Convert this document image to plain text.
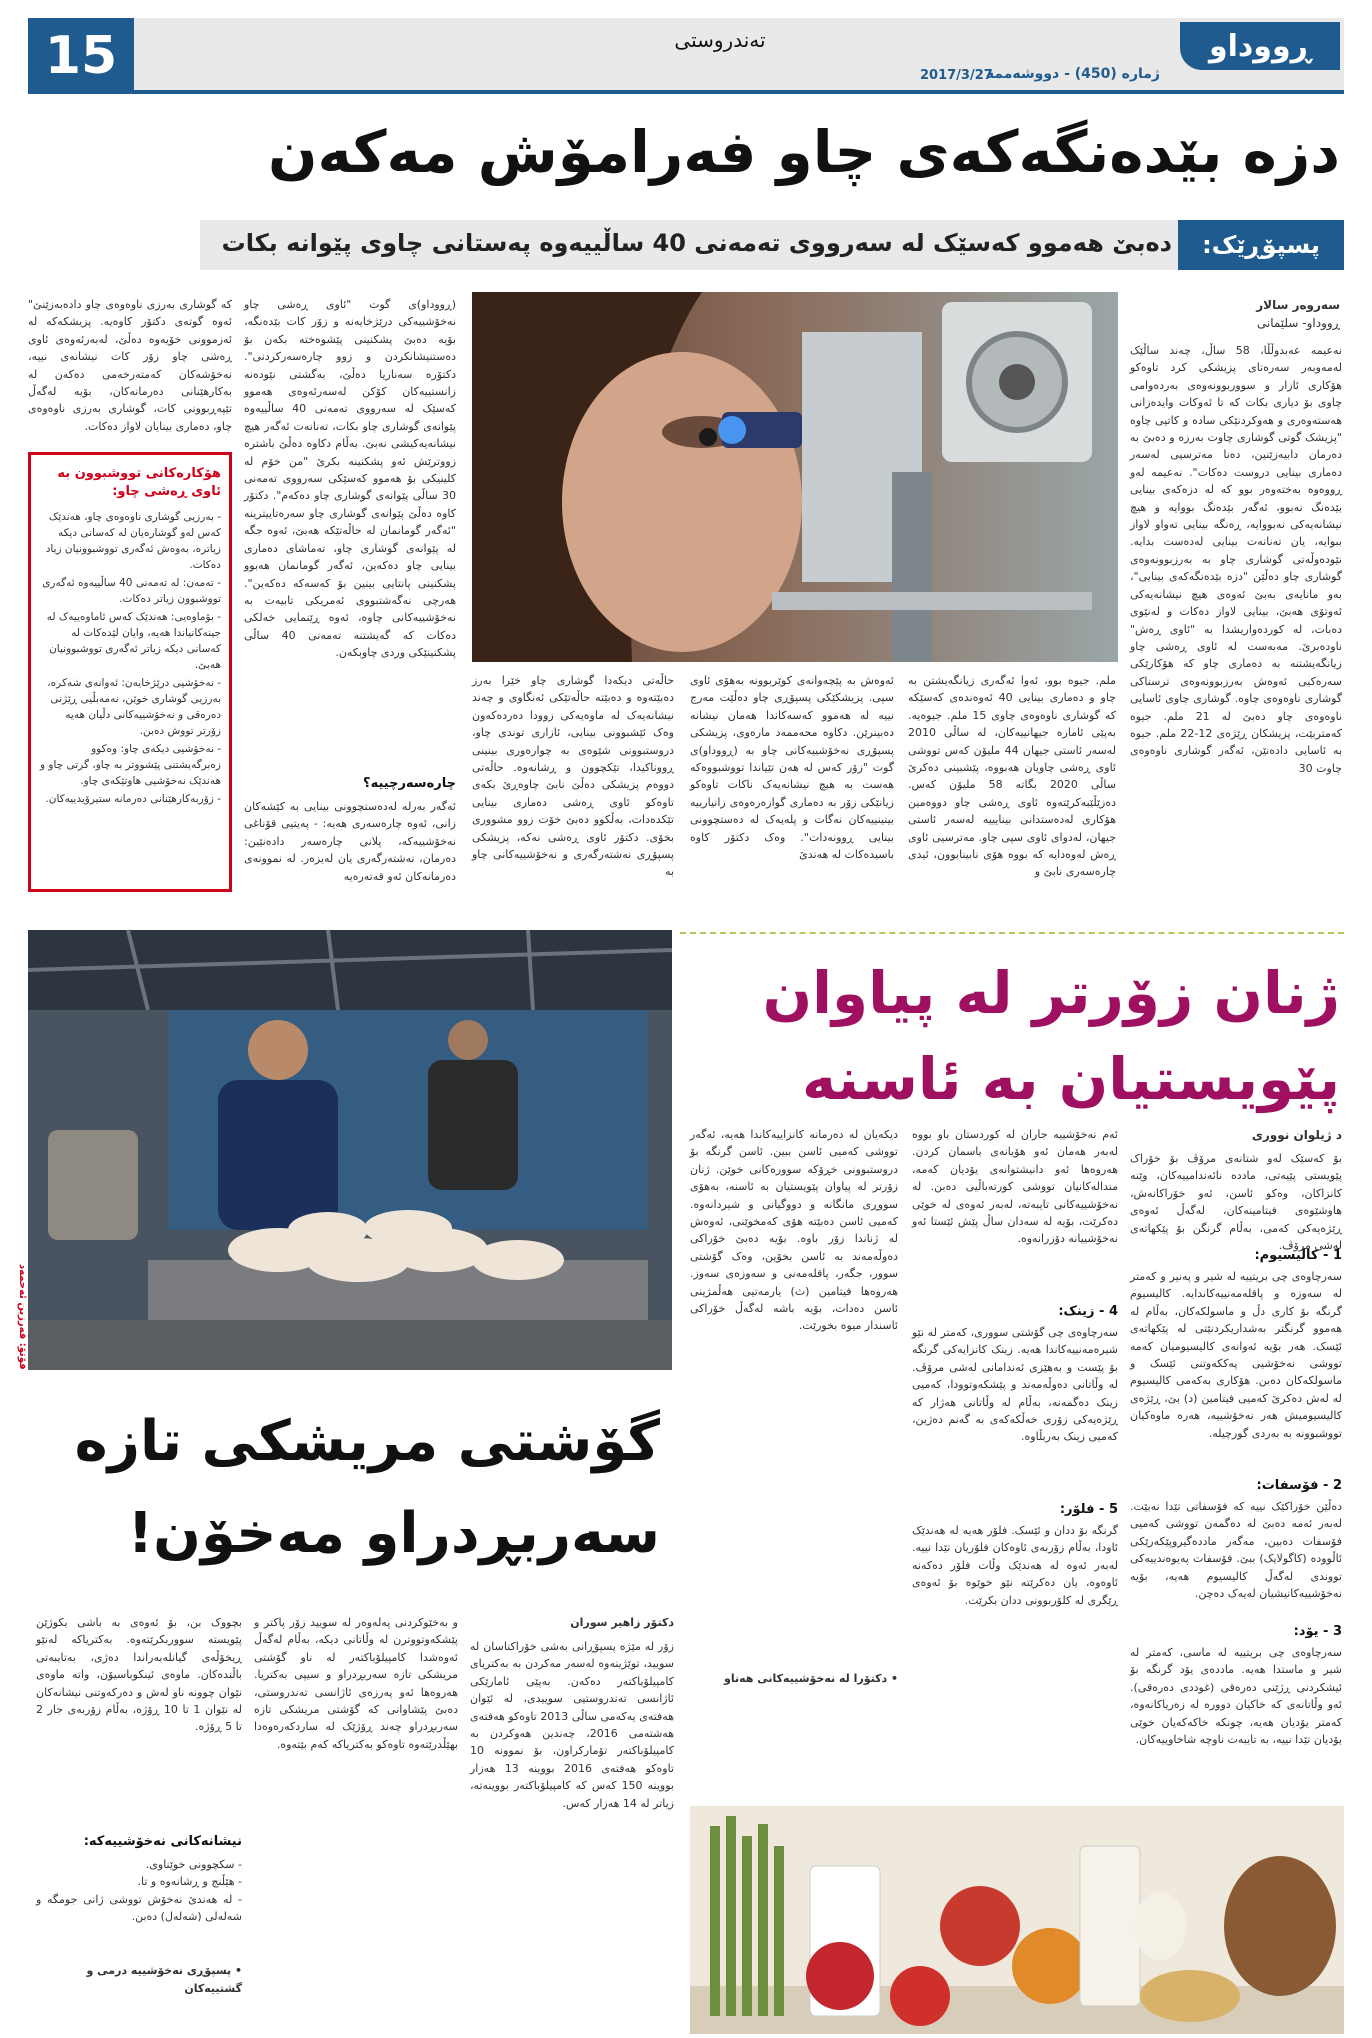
15	تەندروستی	ڕووداو
ژمارە (450) - دووشەممە
2017/3/27
دزە بێدەنگەکەی چاو فەرامۆش مەکەن
پسپۆڕێک:
دەبێ هەموو کەسێک لە سەرووی تەمەنی 40 ساڵییەوە پەستانی چاوی پێوانە بکات
سەروەر سالار
ڕووداو- سلێمانی
نەعیمە عەبدوڵڵا، 58 ساڵ، چەند ساڵێک لەمەوبەر سەرەتای پزیشکی کرد تاوەکو هۆکاری ئازار و سووربوونەوەی بەردەوامی چاوی بۆ دیاری بکات کە تا ئەوکات وایدەزانی هەستەوەری و هەوکردنێکی سادە و کاتیی چاوە "پزیشک گوتی گوشاری چاوت بەرزە و دەبێ بە دەرمان دابیەزێنین، دەنا مەترسیی لەسەر دەماری بینایی دروست دەکات". نەعیمە لەو ڕووەوە بەختەوەر بوو کە لە دزەکەی بینایی بێدەنگ نەبوو، ئەگەر بێدەنگ بووایە و هیچ نیشانەیەکی نەبووایە، ڕەنگە بینایی تەواو لاواز ببوایە، یان تەنانەت بینایی لەدەست بدایە. نێودەوڵەتی گوشاری چاو بە بەرزبوونەوەی گوشاری چاو دەڵێن "دزە بێدەنگەکەی بینایی"، بەو مانایەی بەبێ ئەوەی هیچ نیشانەیەکی ئەوتۆی هەبێ، بینایی لاواز دەکات و لەنێوی دەبات، لە کوردەواریشدا بە "ئاوی ڕەش" ناودەبرێ. مەبەست لە ئاوی ڕەشی چاو زیانگەیشتنە بە دەماری چاو کە هۆکارێکی سەرەکیی ئەوەش بەرزبوونەوەی ترسناکی گوشاری ناوەوەی چاوە. گوشاری چاوی ئاسایی ناوەوەی چاو دەبێ لە 21 ملم. جیوە کەمتربێت، پزیشکان ڕێژەی 12-22 ملم. جیوە بە ئاسایی دادەنێن، ئەگەر گوشاری ناوەوەی چاوت 30
حاڵەتی دیکەدا گوشاری چاو خێرا بەرز دەبێتەوە و دەبێتە حاڵەتێکی ئەنگاوی و چەند نیشانەیەک لە ماوەیەکی زوودا دەردەکەون وەک ئێشبوونی بینایی، ئازاری توندی چاو، دروستبوونی شێوەی بە چوارەوری بینینی ڕووناکیدا، تێکچوون و ڕشانەوە. حاڵەتی دووەم پزیشکی دەڵێ نابێ چاوەڕێ بکەی تاوەکو ئاوی ڕەشی دەماری بینایی تێکدەدات، بەڵکوو دەبێ خۆت زوو مشووری بخۆی. دکتۆر ئاوی ڕەشی نەکە، پزیشکی پسپۆڕی نەشتەرگەری و نەخۆشییەکانی چاو بە
ئەوەش بە پێچەوانەی کوێربوونە بەهۆی ئاوی سپی. پزیشکێکی پسپۆڕی چاو دەڵێت مەرج نییە لە هەموو کەسەکاندا هەمان نیشانە دەبینرێن. دکاوە محەممەد مارەوی، پزیشکی پسپۆڕی نەخۆشییەکانی چاو بە (ڕووداو)ی گوت "زۆر کەس لە هەن تێیاندا تووشبووەکە هەست بە هیچ نیشانەیەک ناکات تاوەکو زیانێکی زۆر بە دەماری گوازەرەوەی زانیارییە بینینییەکان نەگات و پلەیەک لە دەستچوونی بینایی ڕوونەدات". وەک دکتۆر کاوە باسیدەکات لە هەندێ
ملم. جیوە بوو، ئەوا ئەگەری زیانگەیشتن بە چاو و دەماری بینایی 40 ئەوەندەی کەسێکە کە گوشاری ناوەوەی چاوی 15 ملم. جیوەیە. بەپێی ئامارە جیهانییەکان، لە ساڵی 2010 لەسەر ئاستی جیهان 44 ملیۆن کەس تووشی ئاوی ڕەشی چاویان هەبووە، پێشبینی دەکرێ ساڵی 2020 بگاتە 58 ملیۆن کەس. دەزێڵێبەکرێتەوە ئاوی ڕەشی چاو دووەمین هۆکاری لەدەستدانی بینایییە لەسەر ئاستی جیهان، لەدوای ئاوی سپی چاو. مەترسیی ئاوی ڕەش لەوەدایە کە بووە هۆی نابینابوون، ئیدی چارەسەری نابێ و
(ڕووداو)ی گوت "ئاوی ڕەشی چاو نەخۆشییەکی درێژخایەنە و زۆر کات بێدەنگە، بۆیە دەبێ پشکنینی پێشوەختە بکەن بۆ دەستنیشانکردن و زوو چارەسەرکردنی". دکتۆرە سەناریا دەڵێ، بەگشتی نێودەنە زانستییەکان کۆکن لەسەرئەوەی هەموو کەسێک لە سەرووی تەمەنی 40 ساڵییەوە پێوانەی گوشاری چاو بکات، تەنانەت ئەگەر هیچ نیشانەیەکیشی نەبێ. بەڵام دکاوە دەڵێ باشترە زووترێش ئەو پشکنینە بکرێ "من خۆم لە کلینیکی بۆ هەموو کەسێکی سەرووی تەمەنی 30 ساڵی پێوانەی گوشاری چاو دەکەم". دکتۆر کاوە دەڵێ پێوانەی گوشاری چاو سەرەتاییترینە "ئەگەر گومانمان لە حاڵەتێکە هەبێ، ئەوە جگە لە پێوانەی گوشاری چاو، تەماشای دەماری بینایی چاو دەکەین، ئەگەر گومانمان هەبوو پشکنینی پانتایی بینین بۆ کەسەکە دەکەین". هەرچی نەگەشتبووی ئەمریکی تابیەت بە نەخۆشییەکانی چاوە، ئەوە ڕێنمایی خەلکی دەکات کە گەیشتنە تەمەنی 40 ساڵی پشکنینێکی وردی چاوبکەن.
چارەسەرچییە؟
ئەگەر بەرلە لەدەستچوونی بینایی بە کێشەکان زانی، ئەوە چارەسەری هەیە: - پەیتیی قۆناغی نەخۆشییەکە، پلانی چارەسەر دادەنێین: دەرمان، نەشتەرگەری یان لەیزەر. لە نموونەی دەرمانەکان ئەو قەتەرەیە
کە گوشاری بەرزی ناوەوەی چاو دادەبەزێنێ" ئەوە گوتەی دکتۆر کاوەیە. پزیشکەکە لە ئەزموونی خۆیەوە دەڵێ، لەبەرئەوەی ئاوی ڕەشی چاو زۆر کات نیشانەی نییە، نەخۆشەکان کەمتەرخەمی دەکەن لە بەکارهێنانی دەرمانەکان، بۆیە لەگەڵ تێپەڕبوونی کات، گوشاری بەرزی ناوەوەی چاو، دەماری بینایان لاواز دەکات.
هۆکارەکانی تووشبوون بە ئاوی ڕەشی چاو:
- بەرزیی گوشاری ناوەوەی چاو، هەندێک کەس لەو گوشارەیان لە کەسانی دیکە زیاترە، بەوەش ئەگەری تووشبوونیان زیاد دەکات.
- تەمەن: لە تەمەنی 40 ساڵییەوە ئەگەری تووشبوون زیاتر دەکات.
- بۆماوەیی: هەندێک کەس ئاماوەییەک لە جینەکانیاندا هەیە، وایان لێدەکات لە کەسانی دیکە زیاتر ئەگەری تووشبوونیان هەبێ.
- نەخۆشیی درێژخایەن: ئەوانەی شەکرە، بەرزیی گوشاری خوێن، نەمەبڵیی ڕێژنی دەرەقی و نەخۆشییەکانی دڵیان هەیە زۆرتر تووش دەبن.
- نەخۆشیی دیکەی چاو: وەکوو زەبرگەیشتنی پێشووتر بە چاو، گرتی چاو و هەندێک نەخۆشیی هاوتێکەی چاو.
- زۆربەکارهێنانی دەرمانە ستیرۆیدییەکان.
ژنان زۆرتر لە پیاوان پێویستیان بە ئاسنە
د ژیلوان نووری
بۆ کەسێک لەو شتانەی مرۆڤ بۆ خۆراک پێویستی پێیەتی، ماددە نائەندامییەکان، وێنە کانزاکان، وەکو ئاسن، ئەو خۆراکانەش، هاوشێوەی فیتامینەکان، لەگەڵ ئەوەی ڕێژەیەکی کەمی، بەڵام گرنگن بۆ پێکهاتەی لەشی مرۆڤ.
1 - کالیسیوم:
سەرچاوەی چی بریتییە لە شیر و پەنیر و کەمتر لە سەوزە و پاقلەمەنییەکاندایە. کالیسیوم گرنگە بۆ کاری دڵ و ماسولکەکان، بەڵام لە هەموو گرنگتر بەشداریکردنێتی لە پێکهاتەی ئێسک. هەر بۆیە ئەوانەی کالیسیومیان کەمە تووشی نەخۆشیی پەککەوتنی ئێسک و ماسولکەکان دەبن. هۆکاری بەکەمی کالیسیوم لە لەش دەکرێ کەمیی فیتامین (د) بێ، ڕێژەی کالیسیومیش هەر نەخۆشییە، هەرە ماوەکیان تووشبوونە بە بەردی گورچیلە.
2 - فۆسفات:
دەڵێن خۆراکێک نییە کە فۆسفاتی تێدا نەبێت. لەبەر ئەمە دەبێ لە دەگمەن تووشی کەمیی فۆسفات دەبین، مەگەر ماددەگیروپێکەرێکی ئاڵوودە (کاگولایک) ببێ. فۆسفات پەیوەندییەکی تووندی لەگەڵ کالیسیوم هەیە، بۆیە نەخۆشییەکانیشیان لەیەک دەچن.
3 - یۆد:
سەرچاوەی چی بریتییە لە ماسی، کەمتر لە شیر و ماستدا هەیە. ماددەی یۆد گرنگە بۆ ئیشکردنی ڕژێنی دەرەقی (غوددی دەرەقی). ئەو وڵاتانەی کە خاکیان دوورە لە زەریاکانەوە، کەمتر یۆدیان هەیە، چونکە خاکەکەیان خوێی یۆدیان تێدا نییە، بە تایبەت ناوچە شاخاوییەکان.
ئەم نەخۆشییە جاران لە کوردستان باو بووە لەبەر هەمان ئەو هۆیانەی باسمان کردن. هەروەها ئەو دانیشتوانەی یۆدیان کەمە، مندالەکانیان تووشی کورتەباڵیی دەبن. لە نەخۆشییەکانی تایبەتە، لەبەر ئەوەی لە خوێی دەکرێت، بۆیە لە سەدان ساڵ پێش ئێستا ئەو نەخۆشییانە دۆزرانەوە.
4 - زینک:
سەرچاوەی چی گۆشتی سووری، کەمتر لە نێو شیرەمەنییەکاندا هەیە. زینک کانزایەکی گرنگە بۆ پێست و بەهێزی ئەندامانی لەشی مرۆڤ. لە وڵاتانی دەوڵەمەند و پێشکەوتوودا، کەمیی زینک دەگمەنە، بەڵام لە وڵاتانی هەژار کە ڕێژەیەکی زۆری خەڵکەکەی بە گەنم دەژین، کەمیی زینک بەربڵاوە.
5 - فلۆر:
گرنگە بۆ ددان و ئێسک. فلۆر هەیە لە هەندێک ئاودا، بەڵام زۆربەی ئاوەکان فلۆریان تێدا نییە. لەبەر ئەوە لە هەندێک وڵات فلۆر دەکەنە ئاوەوە، یان دەکرێتە نێو خوێوە بۆ ئەوەی ڕێگری لە کلۆربوونی ددان بکرێت.
دیکەیان لە دەرمانە کانزاییەکاندا هەیە، ئەگەر تووشی کەمیی ئاسن ببین. ئاسن گرنگە بۆ دروستبوونی خڕۆکە سوورەکانی خوێن. ژنان زۆرتر لە پیاوان پێویستیان بە ئاسنە، بەهۆی سووڕی مانگانە و دووگیانی و شیردانەوە. کەمیی ئاسن دەبێتە هۆی کەمخوێنی، ئەوەش لە ژناندا زۆر باوە. بۆیە دەبێ خۆراکی دەوڵەمەند بە ئاسن بخۆین، وەک گۆشتی سوور، جگەر، پاقلەمەنی و سەوزەی سەوز. هەروەها فیتامین (ث) یارمەتیی هەڵمژینی ئاسن دەدات، بۆیە باشە لەگەڵ خۆراکی ئاسندار میوە بخورێت.
• دکتۆرا لە نەخۆشییەکانی هەناو
فۆتۆ: فەرزین ئەحمەد
گۆشتی مریشکی تازە سەربڕدراو مەخۆن!
دکتۆر زاهیر سوران
زۆر لە مێژە پسپۆڕانی بەشی خۆراکناسان لە سویید، توێژینەوە لەسەر مەکردن بە بەکتریای کامپیلۆباکتەر دەکەن. بەپێی ئامارێکی ئاژانسی تەندروستیی سوییدی، لە ئێوان هەفتەی یەکەمی ساڵی 2013 تاوەکو هەفتەی هەشتەمی 2016، چەندین هەوکردن بە کامپیلۆباکتەر تۆمارکراون، بۆ نموونە 10 تاوەکو هەفتەی 2016 بووینە 13 هەزار بووینە 150 کەس کە کامپیلۆباکتەر بووینەتە، زیاتر لە 14 هەزار کەس.
و بەخێوکردنی پەلەوەر لە سویید زۆر پاکتر و پێشکەوتووترن لە وڵاتانی دیکە، بەڵام لەگەڵ ئەوەشدا کامپیلۆباکتەر لە ناو گۆشتی مریشکی تازە سەربڕدراو و سیپی بەکتریا. هەروەها ئەو پەرزەی ئاژانسی تەندروستی، دەبێ پێشاوانی کە گۆشتی مریشکی تازە سەربڕدراو چەند ڕۆژێک لە ساردکەرەوەدا بهێڵدرێتەوە تاوەکو بەکتریاکە کەم بێتەوە.
بچووک بن، بۆ ئەوەی بە باشی بکوژێن پێویستە سووربکرێتەوە. بەکتریاکە لەنێو ڕیخۆڵەی گیانلەبەراندا دەژی، بەتایبەتی باڵندەکان. ماوەی ئینکوباسیۆن، واتە ماوەی نێوان چوونە ناو لەش و دەرکەوتنی نیشانەکان لە نێوان 1 تا 10 ڕۆژە، بەڵام زۆربەی جار 2 تا 5 ڕۆژە.
نیشانەکانی نەخۆشییەکە:
- سکچوونی خوێناوی.
- هێڵنج و ڕشانەوە و تا.
- لە هەندێ نەخۆش تووشی ژانی جومگە و شەلەلی (شەلەل) دەبن.
• پسپۆڕی نەخۆشییە درمی و گشتییەکان
